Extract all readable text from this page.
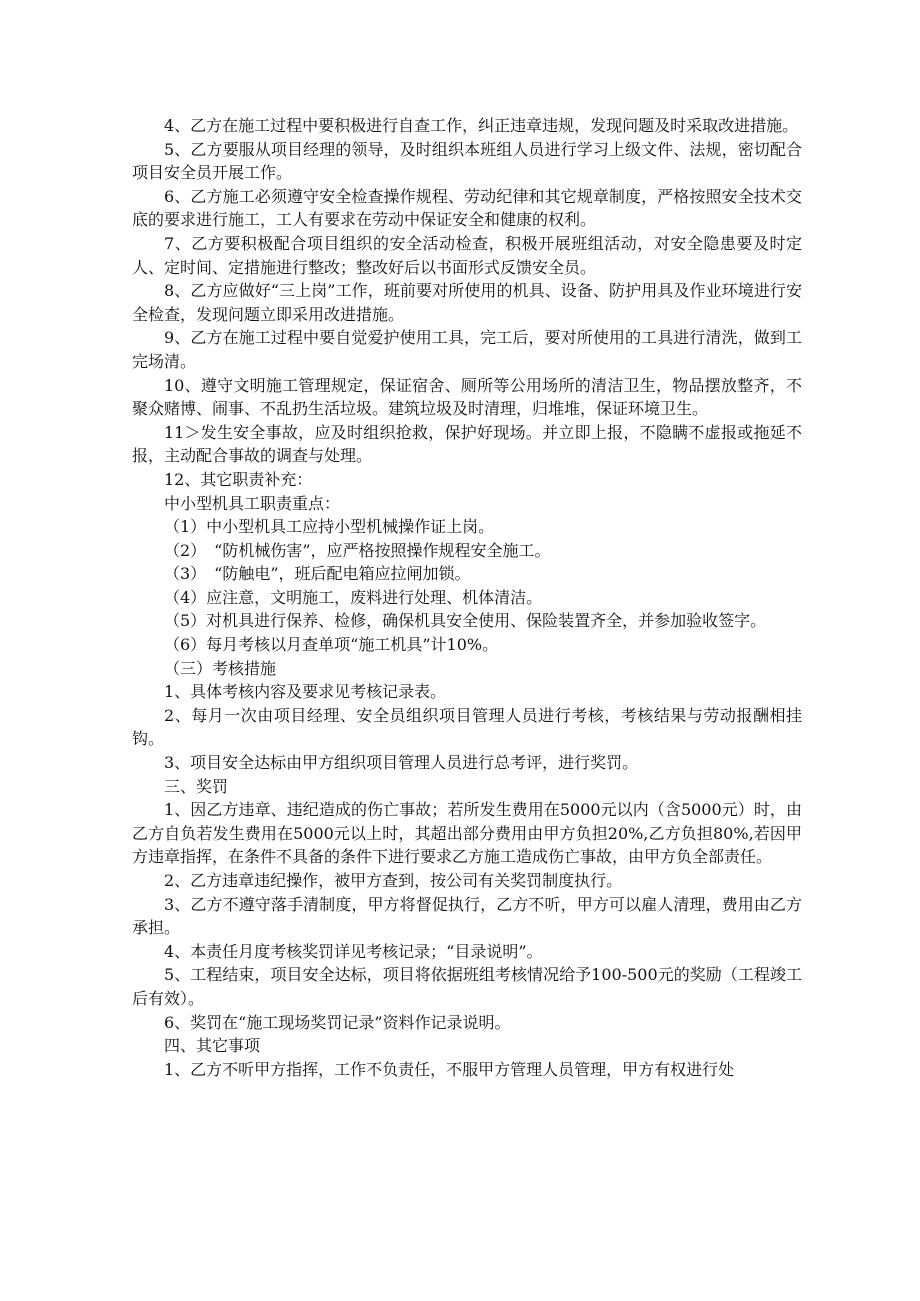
4、乙方在施工过程中要积极进行自查工作，纠正违章违规，发现问题及时采取改进措施。

5、乙方要服从项目经理的领导，及时组织本班组人员进行学习上级文件、法规，密切配合项目安全员开展工作。

6、乙方施工必须遵守安全检查操作规程、劳动纪律和其它规章制度，严格按照安全技术交底的要求进行施工，工人有要求在劳动中保证安全和健康的权利。

7、乙方要积极配合项目组织的安全活动检查，积极开展班组活动，对安全隐患要及时定人、定时间、定措施进行整改；整改好后以书面形式反馈安全员。

8、乙方应做好“三上岗”工作，班前要对所使用的机具、设备、防护用具及作业环境进行安全检查，发现问题立即采用改进措施。

9、乙方在施工过程中要自觉爱护使用工具，完工后，要对所使用的工具进行清洗，做到工完场清。

10、遵守文明施工管理规定，保证宿舍、厕所等公用场所的清洁卫生，物品摆放整齐，不聚众赌博、闹事、不乱扔生活垃圾。建筑垃圾及时清理，归堆堆，保证环境卫生。

11＞发生安全事故，应及时组织抢救，保护好现场。并立即上报，不隐瞒不虚报或拖延不报，主动配合事故的调查与处理。

12、其它职责补充：

中小型机具工职责重点：

（1）中小型机具工应持小型机械操作证上岗。

（2）　“防机械伤害”，应严格按照操作规程安全施工。

（3）　“防触电”，班后配电箱应拉闸加锁。

（4）应注意，文明施工，废料进行处理、机体清洁。

（5）对机具进行保养、检修，确保机具安全使用、保险装置齐全，并参加验收签字。

（6）每月考核以月查单项“施工机具”计10%。

（三）考核措施

1、具体考核内容及要求见考核记录表。

2、每月一次由项目经理、安全员组织项目管理人员进行考核，考核结果与劳动报酬相挂钩。

3、项目安全达标由甲方组织项目管理人员进行总考评，进行奖罚。

三、奖罚

1、因乙方违章、违纪造成的伤亡事故；若所发生费用在5000元以内（含5000元）时，由乙方自负若发生费用在5000元以上时，其超出部分费用由甲方负担20%,乙方负担80%,若因甲方违章指挥，在条件不具备的条件下进行要求乙方施工造成伤亡事故，由甲方负全部责任。

2、乙方违章违纪操作，被甲方查到，按公司有关奖罚制度执行。

3、乙方不遵守落手清制度，甲方将督促执行，乙方不听，甲方可以雇人清理，费用由乙方承担。

4、本责任月度考核奖罚详见考核记录；“目录说明”。

5、工程结束，项目安全达标，项目将依据班组考核情况给予100-500元的奖励（工程竣工后有效）。

6、奖罚在“施工现场奖罚记录”资料作记录说明。

四、其它事项

1、乙方不听甲方指挥，工作不负责任，不服甲方管理人员管理，甲方有权进行处
